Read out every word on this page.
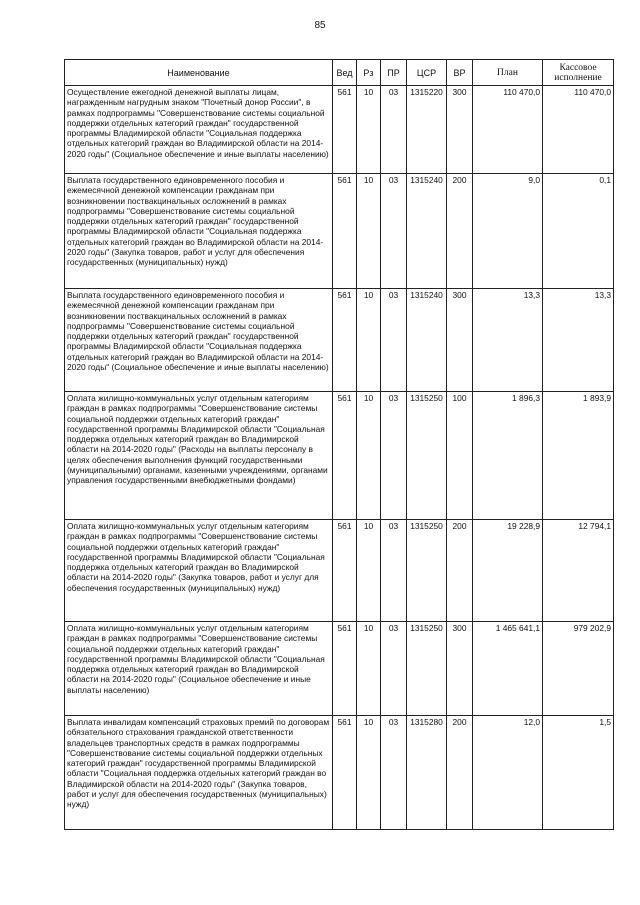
85
Наименование	Вед	Рз	ПР	ЦСР	ВР	План	Кассовое исполнение
Осуществление ежегодной денежной выплаты лицам, награжденным нагрудным знаком "Почетный донор России", в рамках подпрограммы "Совершенствование системы социальной поддержки отдельных категорий граждан" государственной программы Владимирской области "Социальная поддержка отдельных категорий граждан во Владимирской области на 2014-2020 годы" (Социальное обеспечение и иные выплаты населению)	561	10	03	1315220	300	110 470,0	110 470,0
Выплата государственного единовременного пособия и ежемесячной денежной компенсации гражданам при возникновении поствакцинальных осложнений в рамках подпрограммы "Совершенствование системы социальной поддержки отдельных категорий граждан" государственной программы Владимирской области "Социальная поддержка отдельных категорий граждан во Владимирской области на 2014-2020 годы" (Закупка товаров, работ и услуг для обеспечения государственных (муниципальных) нужд)	561	10	03	1315240	200	9,0	0,1
Выплата государственного единовременного пособия и ежемесячной денежной компенсации гражданам при возникновении поствакцинальных осложнений в рамках подпрограммы "Совершенствование системы социальной поддержки отдельных категорий граждан" государственной программы Владимирской области "Социальная поддержка отдельных категорий граждан во Владимирской области на 2014-2020 годы" (Социальное обеспечение и иные выплаты населению)	561	10	03	1315240	300	13,3	13,3
Оплата жилищно-коммунальных услуг отдельным категориям граждан в рамках подпрограммы "Совершенствование системы социальной поддержки отдельных категорий граждан" государственной программы Владимирской области "Социальная поддержка отдельных категорий граждан во Владимирской области на 2014-2020 годы" (Расходы на выплаты персоналу в целях обеспечения выполнения функций государственными (муниципальными) органами, казенными учреждениями, органами управления государственными внебюджетными фондами)	561	10	03	1315250	100	1 896,3	1 893,9
Оплата жилищно-коммунальных услуг отдельным категориям граждан в рамках подпрограммы "Совершенствование системы социальной поддержки отдельных категорий граждан" государственной программы Владимирской области "Социальная поддержка отдельных категорий граждан во Владимирской области на 2014-2020 годы" (Закупка товаров, работ и услуг для обеспечения государственных (муниципальных) нужд)	561	10	03	1315250	200	19 228,9	12 794,1
Оплата жилищно-коммунальных услуг отдельным категориям граждан в рамках подпрограммы "Совершенствование системы социальной поддержки отдельных категорий граждан" государственной программы Владимирской области "Социальная поддержка отдельных категорий граждан во Владимирской области на 2014-2020 годы" (Социальное обеспечение и иные выплаты населению)	561	10	03	1315250	300	1 465 641,1	979 202,9
Выплата инвалидам компенсаций страховых премий по договорам обязательного страхования гражданской ответственности владельцев транспортных средств в рамках подпрограммы "Совершенствование системы социальной поддержки отдельных категорий граждан" государственной программы Владимирской области "Социальная поддержка отдельных категорий граждан во Владимирской области на 2014-2020 годы" (Закупка товаров, работ и услуг для обеспечения государственных (муниципальных) нужд)	561	10	03	1315280	200	12,0	1,5
